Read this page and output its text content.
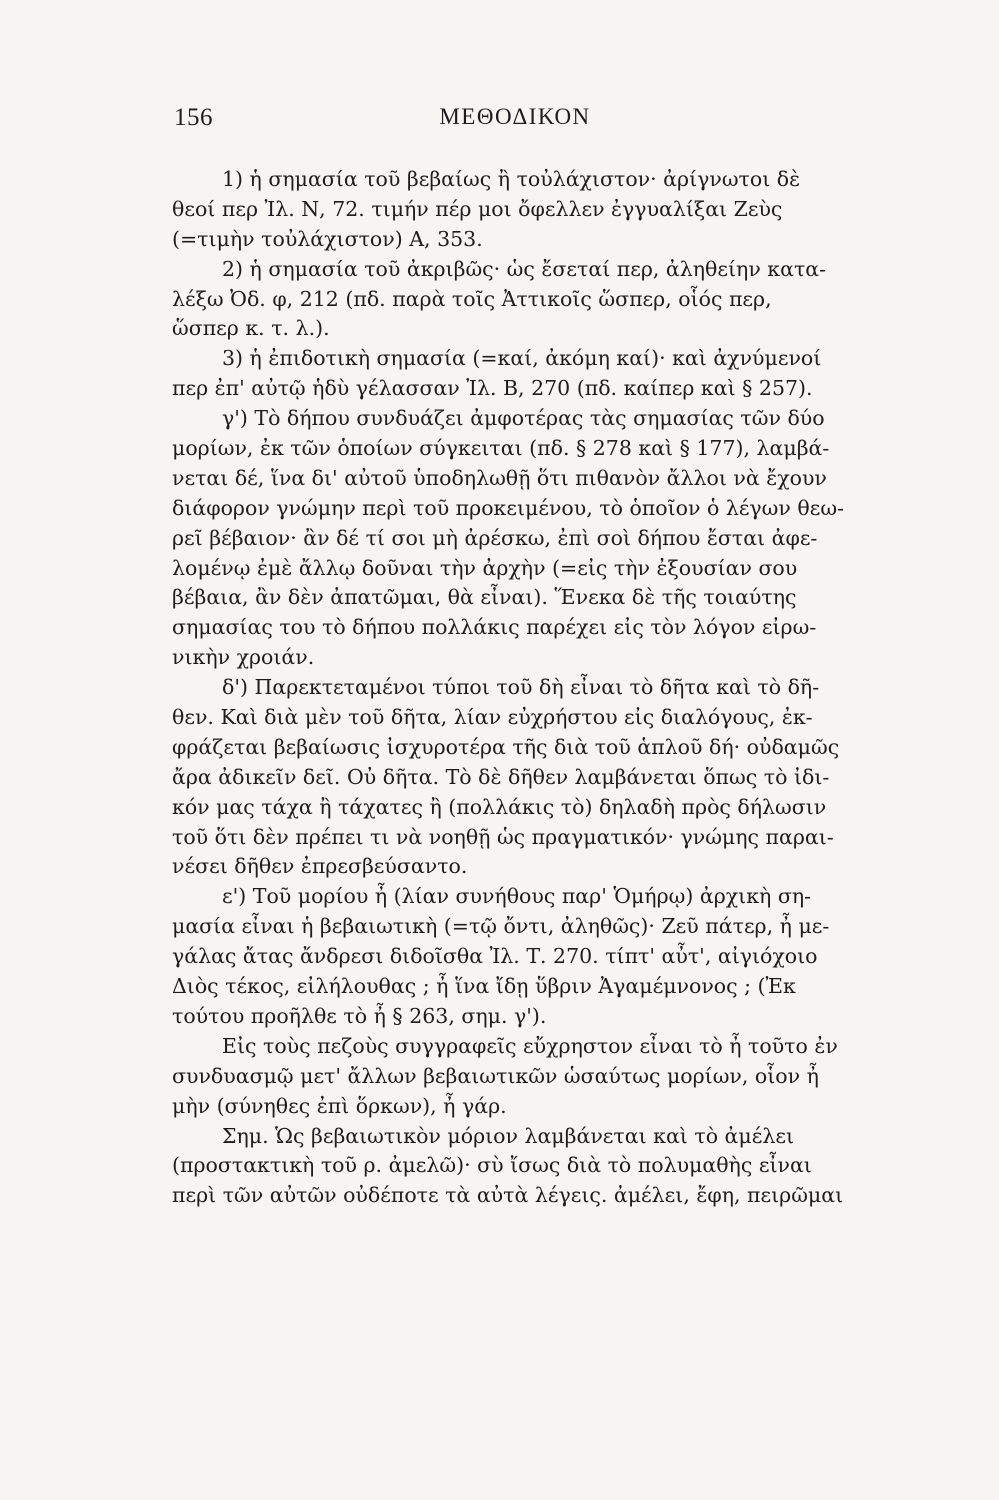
156	ΜΕΘΟΔΙΚΟΝ
1) ἡ σημασία τοῦ βεβαίως ἢ τοὐλάχιστον· ἀρίγνωτοι δὲ
θεοί περ Ἰλ. Ν, 72. τιμήν πέρ μοι ὄφελλεν ἐγγυαλίξαι Ζεὺς
(=τιμὴν τοὐλάχιστον) Α, 353.
2) ἡ σημασία τοῦ ἀκριβῶς· ὡς ἔσεταί περ, ἀληθείην κατα-
λέξω Ὀδ. φ, 212 (πδ. παρὰ τοῖς Ἀττικοῖς ὥσπερ, οἷός περ,
ὥσπερ κ. τ. λ.).
3) ἡ ἐπιδοτικὴ σημασία (=καί, ἀκόμη καί)· καὶ ἀχνύμενοί
περ ἐπ' αὐτῷ ἡδὺ γέλασσαν Ἰλ. Β, 270 (πδ. καίπερ καὶ § 257).
γ') Τὸ δήπου συνδυάζει ἀμφοτέρας τὰς σημασίας τῶν δύο
μορίων, ἐκ τῶν ὁποίων σύγκειται (πδ. § 278 καὶ § 177), λαμβά-
νεται δέ, ἵνα δι' αὐτοῦ ὑποδηλωθῇ ὅτι πιθανὸν ἄλλοι νὰ ἔχουν
διάφορον γνώμην περὶ τοῦ προκειμένου, τὸ ὁποῖον ὁ λέγων θεω-
ρεῖ βέβαιον· ἂν δέ τί σοι μὴ ἀρέσκω, ἐπὶ σοὶ δήπου ἔσται ἀφε-
λομένῳ ἐμὲ ἄλλῳ δοῦναι τὴν ἀρχὴν (=εἰς τὴν ἐξουσίαν σου
βέβαια, ἂν δὲν ἀπατῶμαι, θὰ εἶναι). Ἕνεκα δὲ τῆς τοιαύτης
σημασίας του τὸ δήπου πολλάκις παρέχει εἰς τὸν λόγον εἰρω-
νικὴν χροιάν.
δ') Παρεκτεταμένοι τύποι τοῦ δὴ εἶναι τὸ δῆτα καὶ τὸ δῆ-
θεν. Καὶ διὰ μὲν τοῦ δῆτα, λίαν εὐχρήστου εἰς διαλόγους, ἐκ-
φράζεται βεβαίωσις ἰσχυροτέρα τῆς διὰ τοῦ ἁπλοῦ δή· οὐδαμῶς
ἄρα ἀδικεῖν δεῖ. Οὐ δῆτα. Τὸ δὲ δῆθεν λαμβάνεται ὅπως τὸ ἰδι-
κόν μας τάχα ἢ τάχατες ἢ (πολλάκις τὸ) δηλαδὴ πρὸς δήλωσιν
τοῦ ὅτι δὲν πρέπει τι νὰ νοηθῇ ὡς πραγματικόν· γνώμης παραι-
νέσει δῆθεν ἐπρεσβεύσαντο.
ε') Τοῦ μορίου ἦ (λίαν συνήθους παρ' Ὁμήρῳ) ἀρχικὴ ση-
μασία εἶναι ἡ βεβαιωτικὴ (=τῷ ὄντι, ἀληθῶς)· Ζεῦ πάτερ, ἦ με-
γάλας ἄτας ἄνδρεσι διδοῖσθα Ἰλ. Τ. 270. τίπτ' αὖτ', αἰγιόχοιο
Διὸς τέκος, εἰλήλουθας ; ἦ ἵνα ἴδῃ ὕβριν Ἀγαμέμνονος ; (Ἐκ
τούτου προῆλθε τὸ ἦ § 263, σημ. γ').
Εἰς τοὺς πεζοὺς συγγραφεῖς εὔχρηστον εἶναι τὸ ἦ τοῦτο ἐν
συνδυασμῷ μετ' ἄλλων βεβαιωτικῶν ὡσαύτως μορίων, οἷον ἦ
μὴν (σύνηθες ἐπὶ ὅρκων), ἦ γάρ.
Σημ. Ὡς βεβαιωτικὸν μόριον λαμβάνεται καὶ τὸ ἀμέλει
(προστακτικὴ τοῦ ρ. ἀμελῶ)· σὺ ἴσως διὰ τὸ πολυμαθὴς εἶναι
περὶ τῶν αὐτῶν οὐδέποτε τὰ αὐτὰ λέγεις. ἀμέλει, ἔφη, πειρῶμαι
